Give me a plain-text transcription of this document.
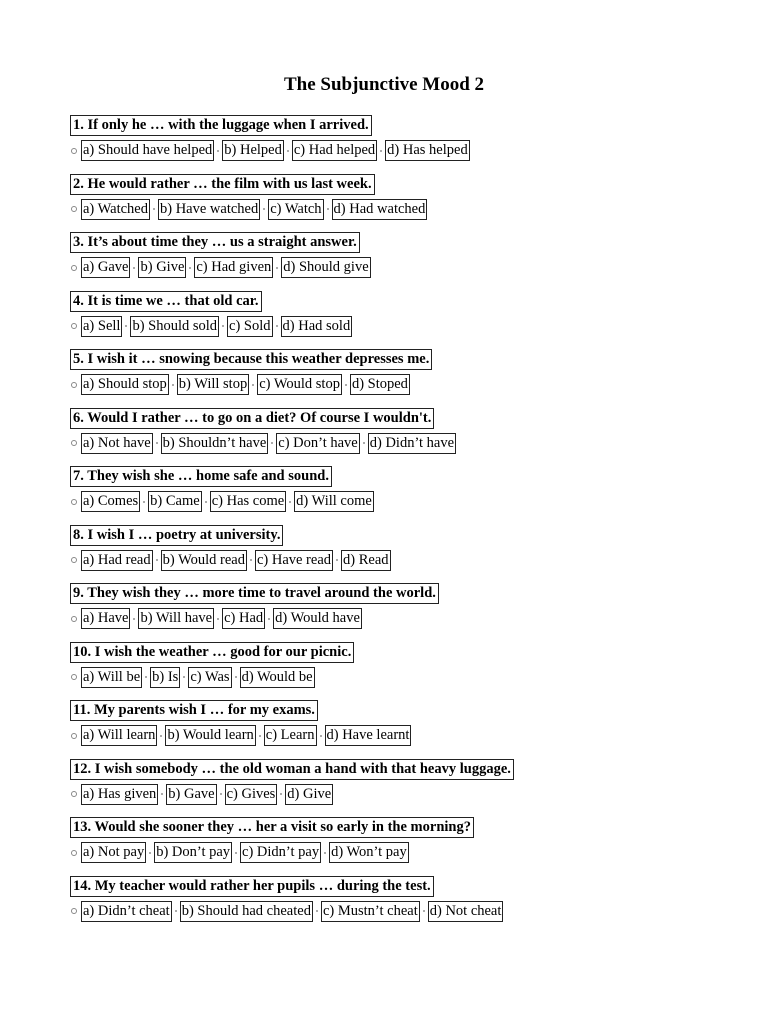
The Subjunctive Mood 2
1. If only he … with the luggage when I arrived.
a) Should have helped b) Helped c) Had helped d) Has helped
2. He would rather … the film with us last week.
a) Watched b) Have watched c) Watch d) Had watched
3. It’s about time they … us a straight answer.
a) Gave b) Give c) Had given d) Should give
4. It is time we … that old car.
a) Sell b) Should sold c) Sold d) Had sold
5. I wish it … snowing because this weather depresses me.
a) Should stop b) Will stop c) Would stop d) Stoped
6. Would I rather … to go on a diet? Of course I wouldn't.
a) Not have b) Shouldn’t have c) Don’t have d) Didn’t have
7. They wish she … home safe and sound.
a) Comes b) Came c) Has come d) Will come
8. I wish I … poetry at university.
a) Had read b) Would read c) Have read d) Read
9. They wish they … more time to travel around the world.
a) Have b) Will have c) Had d) Would have
10. I wish the weather … good for our picnic.
a) Will be b) Is c) Was d) Would be
11. My parents wish I … for my exams.
a) Will learn b) Would learn c) Learn d) Have learnt
12. I wish somebody … the old woman a hand with that heavy luggage.
a) Has given b) Gave c) Gives d) Give
13. Would she sooner they … her a visit so early in the morning?
a) Not pay b) Don’t pay c) Didn’t pay d) Won’t pay
14. My teacher would rather her pupils … during the test.
a) Didn’t cheat b) Should had cheated c) Mustn’t cheat d) Not cheat
